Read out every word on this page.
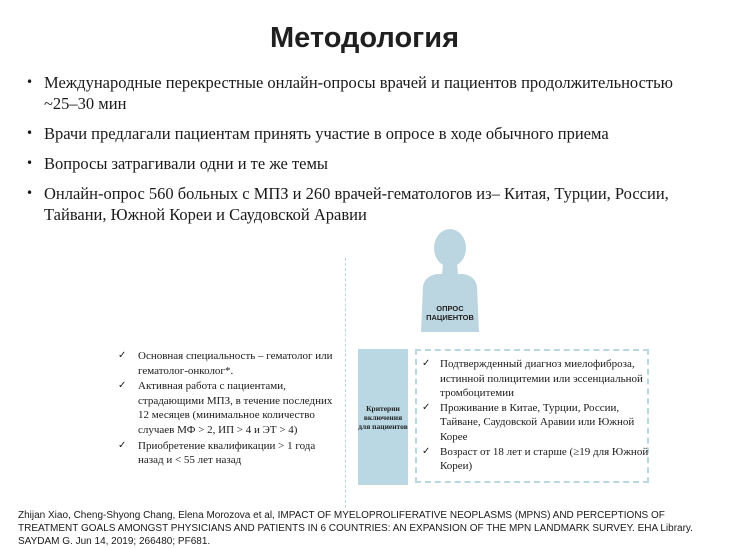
Методология
• Международные перекрестные онлайн-опросы врачей и пациентов продолжительностью ~25–30 мин
• Врачи предлагали пациентам принять участие в опросе в ходе обычного приема
• Вопросы затрагивали одни и те же темы
• Онлайн-опрос 560 больных с МПЗ и 260 врачей-гематологов из– Китая, Турции, России, Тайвани, Южной Кореи и Саудовской Аравии
✓ Основная специальность – гематолог или гематолог-онколог*.
✓ Активная работа с пациентами, страдающими МПЗ, в течение последних 12 месяцев (минимальное количество случаев МФ > 2, ИП > 4 и ЭТ > 4)
✓ Приобретение квалификации > 1 года назад и < 55 лет назад
ОПРОС ПАЦИЕНТОВ
Критерии включения для пациентов
✓ Подтвержденный диагноз миелофиброза, истинной полицитемии или эссенциальной тромбоцитемии
✓ Проживание в Китае, Турции, России, Тайване, Саудовской Аравии или Южной Корее
✓ Возраст от 18 лет и старше (≥19 для Южной Кореи)
Zhijan Xiao, Cheng-Shyong Chang, Elena Morozova et al, IMPACT OF MYELOPROLIFERATIVE NEOPLASMS (MPNS) AND PERCEPTIONS OF TREATMENT GOALS AMONGST PHYSICIANS AND PATIENTS IN 6 COUNTRIES: AN EXPANSION OF THE MPN LANDMARK SURVEY. EHA Library. SAYDAM G. Jun 14, 2019; 266480; PF681.
